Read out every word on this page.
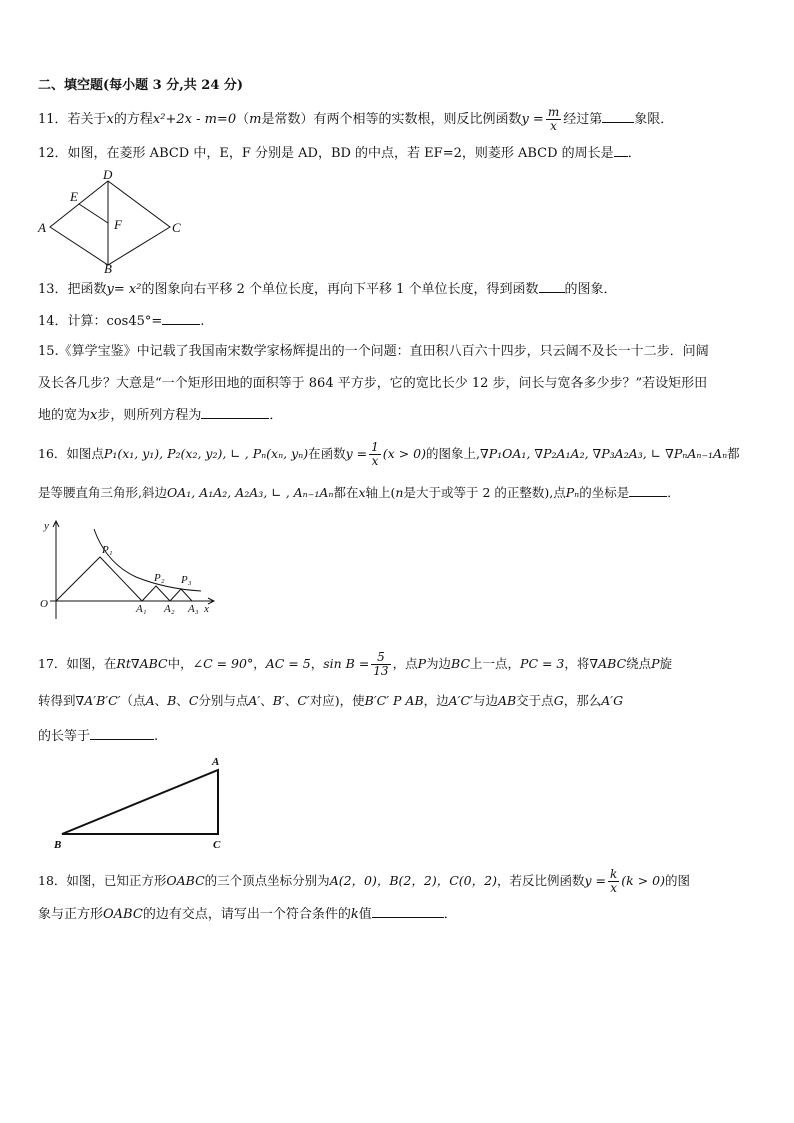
二、填空题(每小题 3 分,共 24 分)
11．若关于x的方程x²+2x - m=0（m是常数）有两个相等的实数根，则反比例函数$y = \frac{m}{x}$ 经过第 象限．
12．如图，在菱形 ABCD 中，E，F 分别是 AD，BD 的中点，若 EF=2，则菱形 ABCD 的周长是 ．
D
E
A	F	C
B
13．把函数y= x²的图象向右平移 2 个单位长度，再向下平移 1 个单位长度，得到函数 的图象．
14．计算：cos45°=	.
15.《算学宝鉴》中记载了我国南宋数学家杨辉提出的一个问题：直田积八百六十四步，只云阔不及长一十二步．问阔
及长各几步？大意是“一个矩形田地的面积等于 864 平方步，它的宽比长少 12 步，问长与宽各多少步？”若设矩形田
地的宽为x步，则所列方程为	．
16．如图点P₁(x₁, y₁), P₂(x₂, y₂), ∟ , Pₙ(xₙ, yₙ)在函数$y = \frac{1}{x} (x > 0)$的图象上,∇P₁OA₁, ∇P₂A₁A₂, ∇P₃A₂A₃, ∟ ∇PₙAₙ₋₁Aₙ都
是等腰直角三角形,斜边OA₁, A₁A₂, A₂A₃, ∟ , Aₙ₋₁Aₙ都在x轴上(n是大于或等于 2 的正整数),点Pₙ的坐标是	．
y
P₁
P₂ P₃
O	A₁ A₂ A₃ x
17．如图，在Rt∇ABC中，∠C = 90°，AC = 5，$\sin B = \frac{5}{13}$ ，点P为边BC上一点，PC = 3，将∇ABC绕点P旋
转得到∇A′B′C′（点A、B、C分别与点A′、B′、C′对应)，使B′C′ P AB，边A′C′与边AB交于点G，那么A′G
的长等于	.
A
B	C
18．如图，已知正方形OABC的三个顶点坐标分别为A(2，0)，B(2，2)，C(0，2)，若反比例函数$y = \frac{k}{x} (k > 0)$的图
象与正方形OABC的边有交点，请写出一个符合条件的k值	．
